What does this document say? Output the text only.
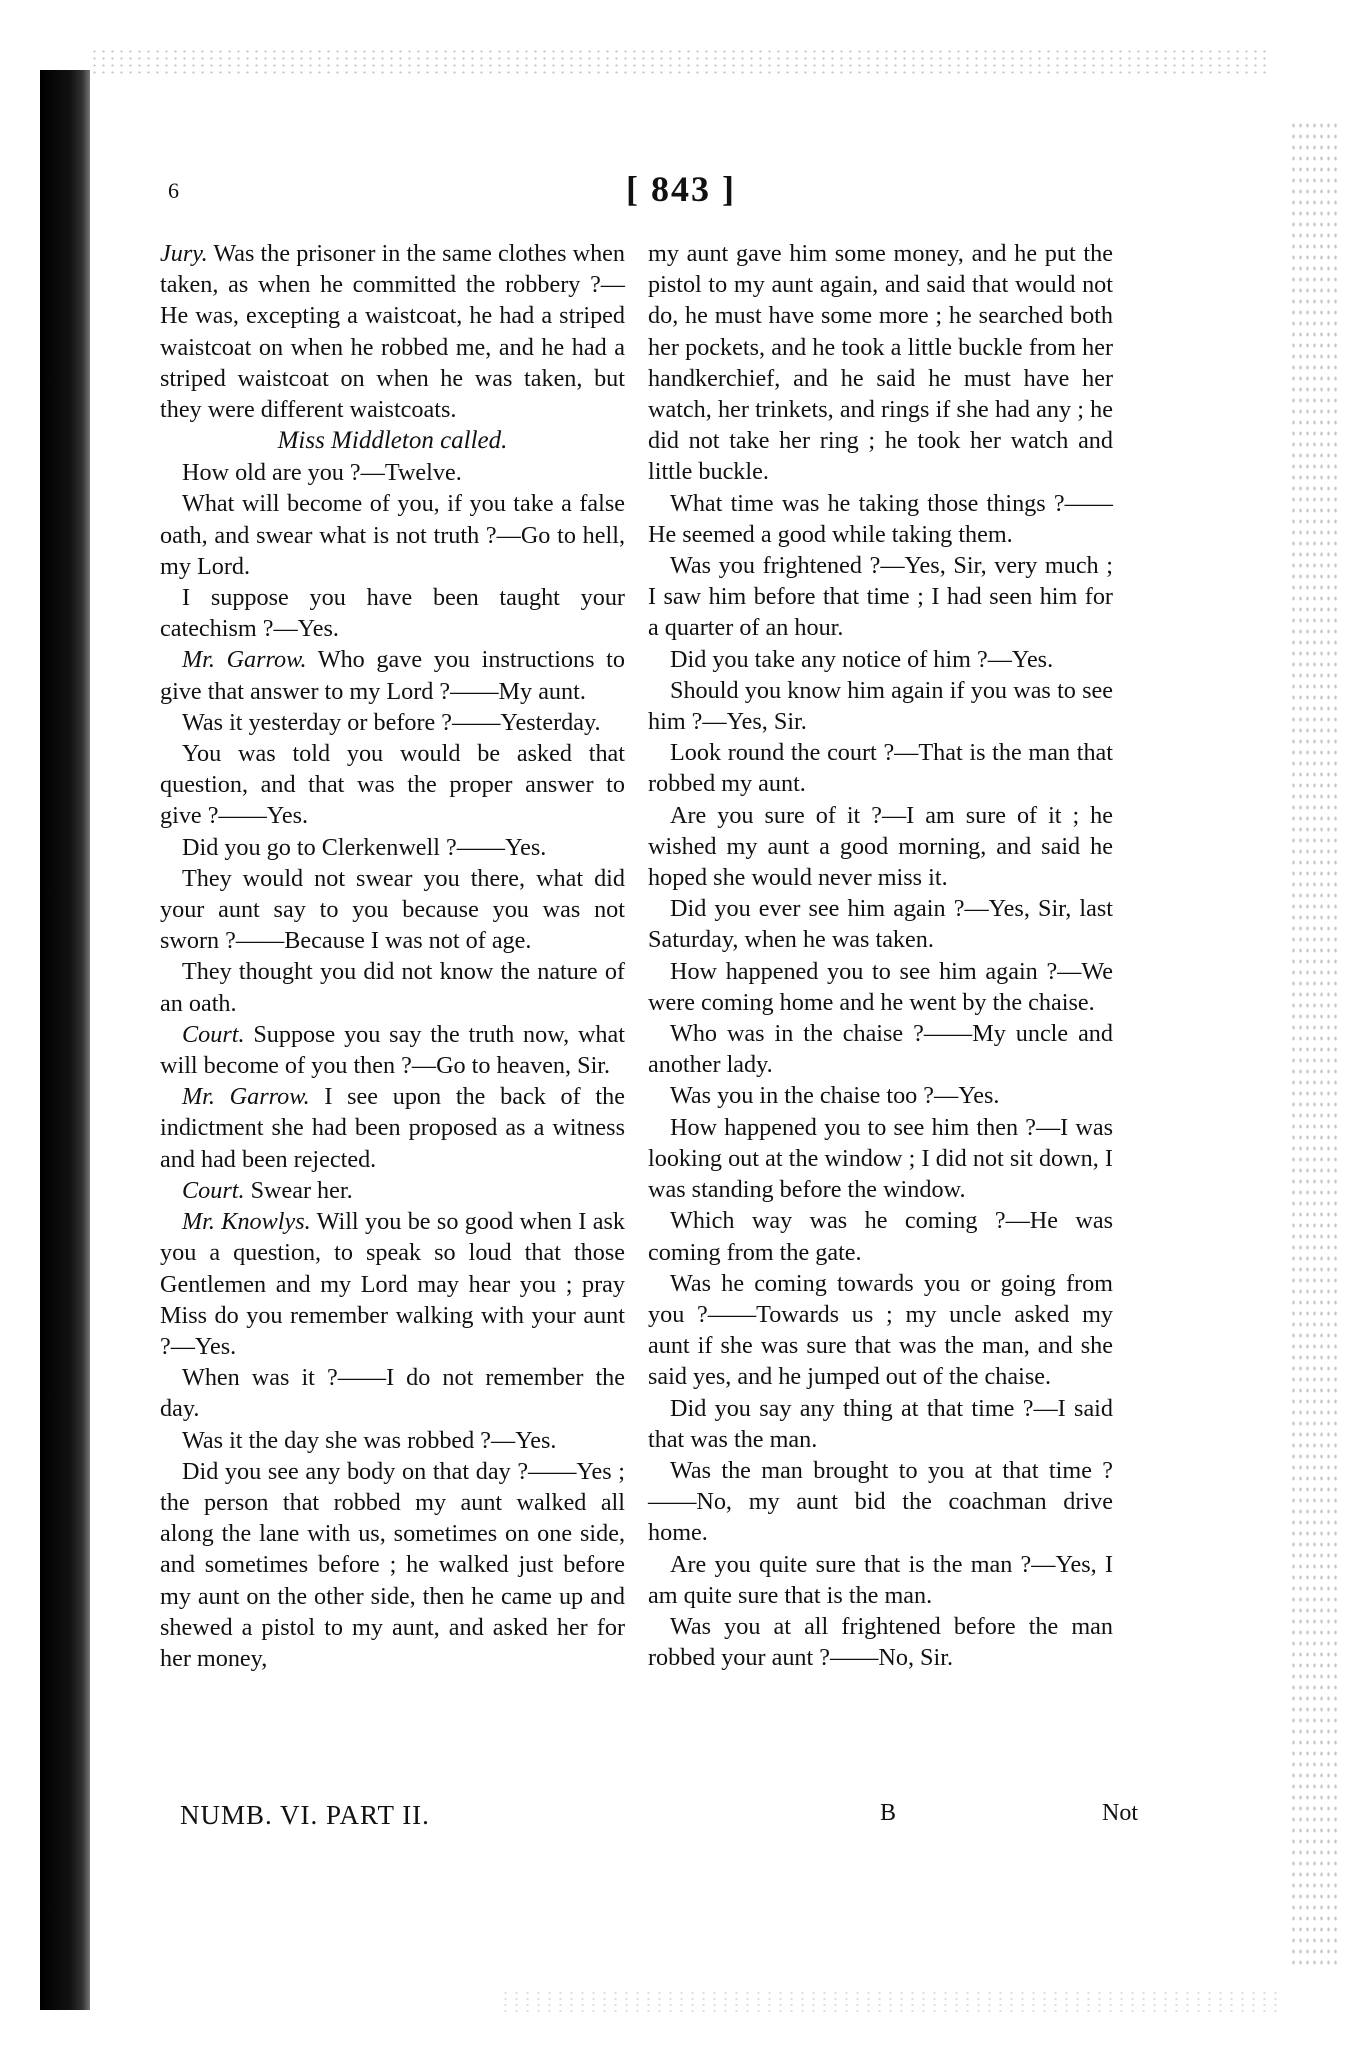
6	[ 843 ]

Jury. Was the prisoner in the same clothes when taken, as when he committed the robbery ?—He was, excepting a waistcoat, he had a striped waistcoat on when he robbed me, and he had a striped waistcoat on when he was taken, but they were different waistcoats.

Miss Middleton called.

How old are you ?—Twelve.

What will become of you, if you take a false oath, and swear what is not truth ?—Go to hell, my Lord.

I suppose you have been taught your catechism ?—Yes.

Mr. Garrow. Who gave you instructions to give that answer to my Lord ?——My aunt.

Was it yesterday or before ?——Yesterday.

You was told you would be asked that question, and that was the proper answer to give ?——Yes.

Did you go to Clerkenwell ?——Yes.

They would not swear you there, what did your aunt say to you because you was not sworn ?——Because I was not of age.

They thought you did not know the nature of an oath.

Court. Suppose you say the truth now, what will become of you then ?—Go to heaven, Sir.

Mr. Garrow. I see upon the back of the indictment she had been proposed as a witness and had been rejected.

Court. Swear her.

Mr. Knowlys. Will you be so good when I ask you a question, to speak so loud that those Gentlemen and my Lord may hear you ; pray Miss do you remember walking with your aunt ?—Yes.

When was it ?——I do not remember the day.

Was it the day she was robbed ?—Yes.

Did you see any body on that day ?——Yes ; the person that robbed my aunt walked all along the lane with us, sometimes on one side, and sometimes before ; he walked just before my aunt on the other side, then he came up and shewed a pistol to my aunt, and asked her for her money,

my aunt gave him some money, and he put the pistol to my aunt again, and said that would not do, he must have some more ; he searched both her pockets, and he took a little buckle from her handkerchief, and he said he must have her watch, her trinkets, and rings if she had any ; he did not take her ring ; he took her watch and little buckle.

What time was he taking those things ?——He seemed a good while taking them.

Was you frightened ?—Yes, Sir, very much ; I saw him before that time ; I had seen him for a quarter of an hour.

Did you take any notice of him ?—Yes.

Should you know him again if you was to see him ?—Yes, Sir.

Look round the court ?—That is the man that robbed my aunt.

Are you sure of it ?—I am sure of it ; he wished my aunt a good morning, and said he hoped she would never miss it.

Did you ever see him again ?—Yes, Sir, last Saturday, when he was taken.

How happened you to see him again ?—We were coming home and he went by the chaise.

Who was in the chaise ?——My uncle and another lady.

Was you in the chaise too ?—Yes.

How happened you to see him then ?—I was looking out at the window ; I did not sit down, I was standing before the window.

Which way was he coming ?—He was coming from the gate.

Was he coming towards you or going from you ?——Towards us ; my uncle asked my aunt if she was sure that was the man, and she said yes, and he jumped out of the chaise.

Did you say any thing at that time ?—I said that was the man.

Was the man brought to you at that time ?——No, my aunt bid the coachman drive home.

Are you quite sure that is the man ?—Yes, I am quite sure that is the man.

Was you at all frightened before the man robbed your aunt ?——No, Sir.

NUMB. VI. PART II.	B	Not
